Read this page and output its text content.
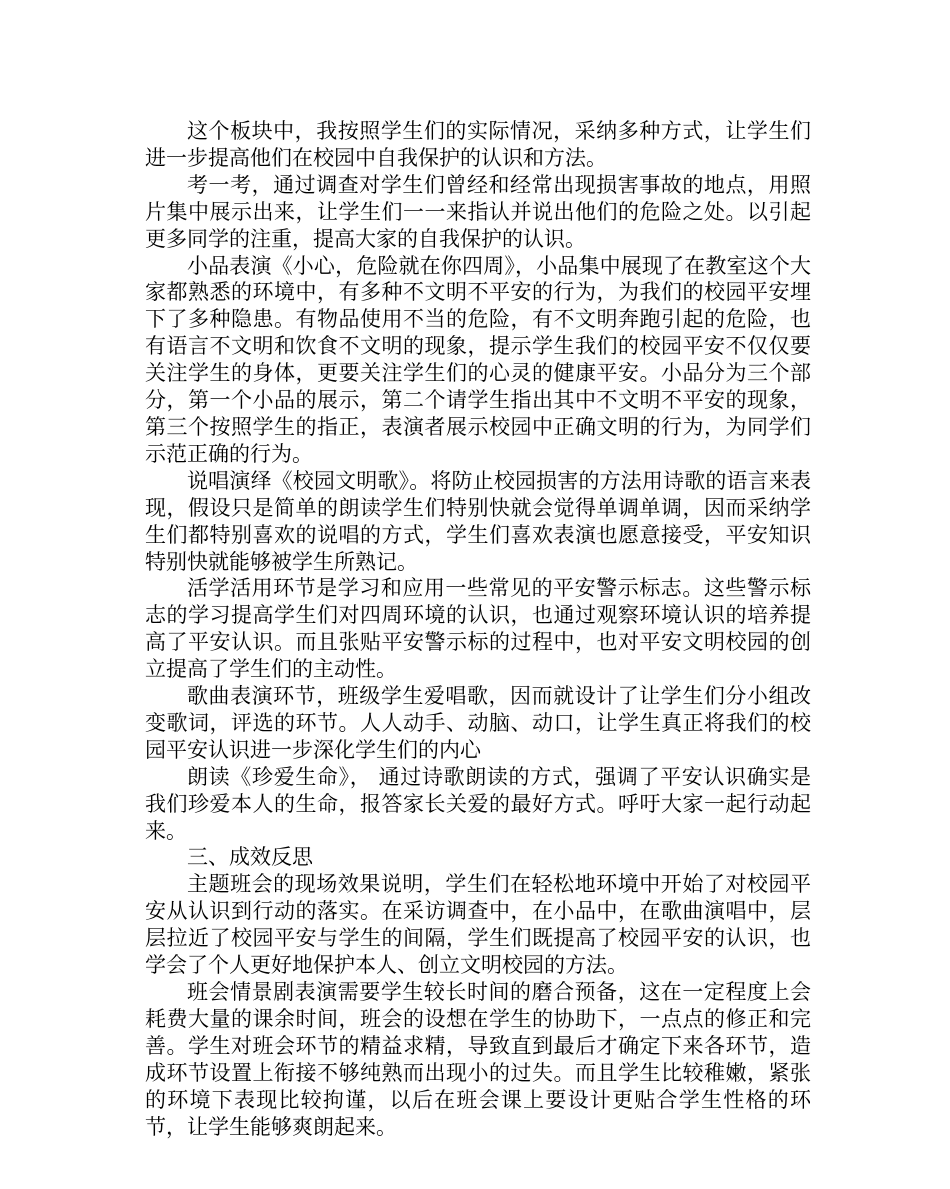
这个板块中，我按照学生们的实际情况，采纳多种方式，让学生们进一步提高他们在校园中自我保护的认识和方法。

考一考，通过调查对学生们曾经和经常出现损害事故的地点，用照片集中展示出来，让学生们一一来指认并说出他们的危险之处。以引起更多同学的注重，提高大家的自我保护的认识。

小品表演《小心，危险就在你四周》，小品集中展现了在教室这个大家都熟悉的环境中，有多种不文明不平安的行为，为我们的校园平安埋下了多种隐患。有物品使用不当的危险，有不文明奔跑引起的危险，也有语言不文明和饮食不文明的现象，提示学生我们的校园平安不仅仅要关注学生的身体，更要关注学生们的心灵的健康平安。小品分为三个部分，第一个小品的展示，第二个请学生指出其中不文明不平安的现象，第三个按照学生的指正，表演者展示校园中正确文明的行为，为同学们示范正确的行为。

说唱演绎《校园文明歌》。将防止校园损害的方法用诗歌的语言来表现，假设只是简单的朗读学生们特别快就会觉得单调单调，因而采纳学生们都特别喜欢的说唱的方式，学生们喜欢表演也愿意接受，平安知识特别快就能够被学生所熟记。

活学活用环节是学习和应用一些常见的平安警示标志。这些警示标志的学习提高学生们对四周环境的认识，也通过观察环境认识的培养提高了平安认识。而且张贴平安警示标的过程中，也对平安文明校园的创立提高了学生们的主动性。

歌曲表演环节，班级学生爱唱歌，因而就设计了让学生们分小组改变歌词，评选的环节。人人动手、动脑、动口，让学生真正将我们的校园平安认识进一步深化学生们的内心

朗读《珍爱生命》， 通过诗歌朗读的方式，强调了平安认识确实是我们珍爱本人的生命，报答家长关爱的最好方式。呼吁大家一起行动起来。

三、成效反思

主题班会的现场效果说明，学生们在轻松地环境中开始了对校园平安从认识到行动的落实。在采访调查中，在小品中，在歌曲演唱中，层层拉近了校园平安与学生的间隔，学生们既提高了校园平安的认识，也学会了个人更好地保护本人、创立文明校园的方法。

班会情景剧表演需要学生较长时间的磨合预备，这在一定程度上会耗费大量的课余时间，班会的设想在学生的协助下，一点点的修正和完善。学生对班会环节的精益求精，导致直到最后才确定下来各环节，造成环节设置上衔接不够纯熟而出现小的过失。而且学生比较稚嫩，紧张的环境下表现比较拘谨，以后在班会课上要设计更贴合学生性格的环节，让学生能够爽朗起来。
